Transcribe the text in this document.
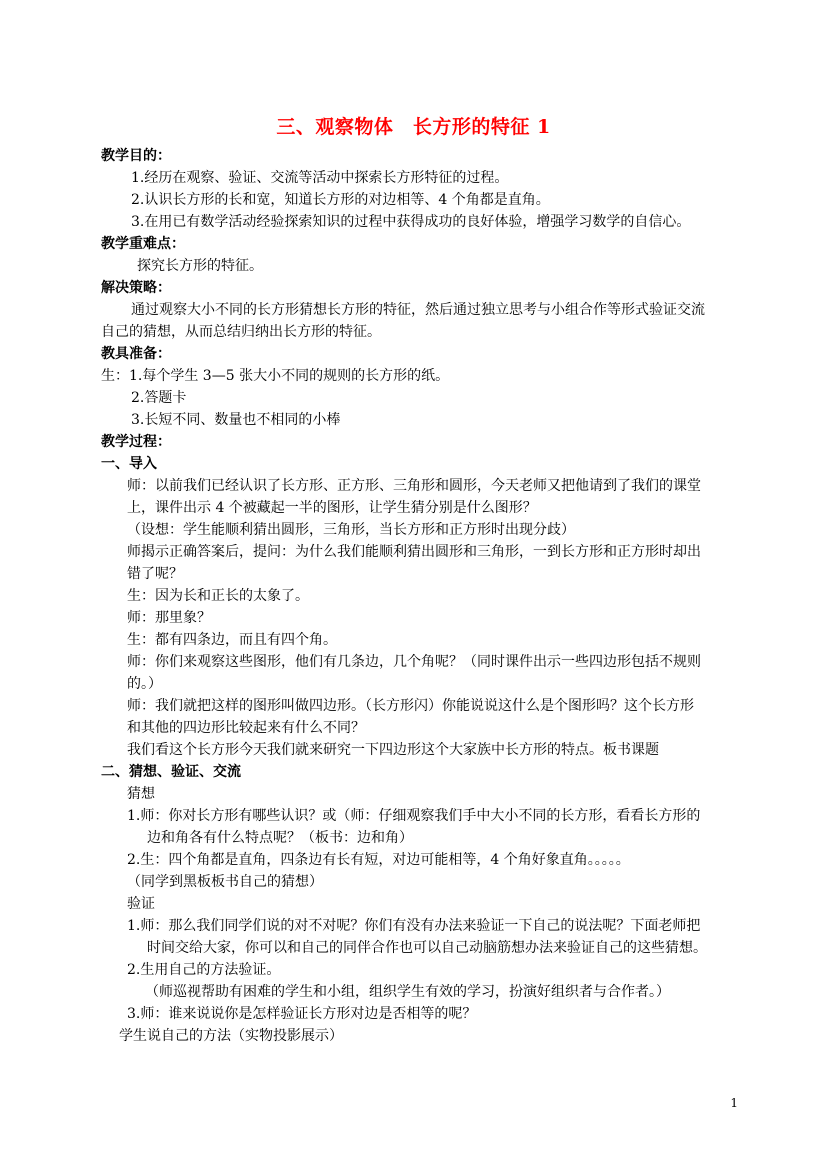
三、观察物体　长方形的特征 1
教学目的：
1.经历在观察、验证、交流等活动中探索长方形特征的过程。
2.认识长方形的长和宽，知道长方形的对边相等、4 个角都是直角。
3.在用已有数学活动经验探索知识的过程中获得成功的良好体验，增强学习数学的自信心。
教学重难点：
探究长方形的特征。
解决策略：
通过观察大小不同的长方形猜想长方形的特征，然后通过独立思考与小组合作等形式验证交流
自己的猜想，从而总结归纳出长方形的特征。
教具准备：
生：1.每个学生 3—5 张大小不同的规则的长方形的纸。
2.答题卡
3.长短不同、数量也不相同的小棒
教学过程：
一、导入
师：以前我们已经认识了长方形、正方形、三角形和圆形，今天老师又把他请到了我们的课堂
上，课件出示 4 个被藏起一半的图形，让学生猜分别是什么图形？
（设想：学生能顺利猜出圆形，三角形，当长方形和正方形时出现分歧）
师揭示正确答案后，提问：为什么我们能顺利猜出圆形和三角形，一到长方形和正方形时却出
错了呢？
生：因为长和正长的太象了。
师：那里象？
生：都有四条边，而且有四个角。
师：你们来观察这些图形，他们有几条边，几个角呢？（同时课件出示一些四边形包括不规则
的。）
师：我们就把这样的图形叫做四边形。（长方形闪）你能说说这什么是个图形吗？这个长方形
和其他的四边形比较起来有什么不同？
我们看这个长方形今天我们就来研究一下四边形这个大家族中长方形的特点。板书课题
二、猜想、验证、交流
猜想
1.师：你对长方形有哪些认识？或（师：仔细观察我们手中大小不同的长方形，看看长方形的
边和角各有什么特点呢？（板书：边和角）
2.生：四个角都是直角，四条边有长有短，对边可能相等，4 个角好象直角。。。。。
（同学到黑板板书自己的猜想）
验证
1.师：那么我们同学们说的对不对呢？你们有没有办法来验证一下自己的说法呢？下面老师把
时间交给大家，你可以和自己的同伴合作也可以自己动脑筋想办法来验证自己的这些猜想。
2.生用自己的方法验证。
（师巡视帮助有困难的学生和小组，组织学生有效的学习，扮演好组织者与合作者。）
3.师：谁来说说你是怎样验证长方形对边是否相等的呢？
学生说自己的方法（实物投影展示）
1
